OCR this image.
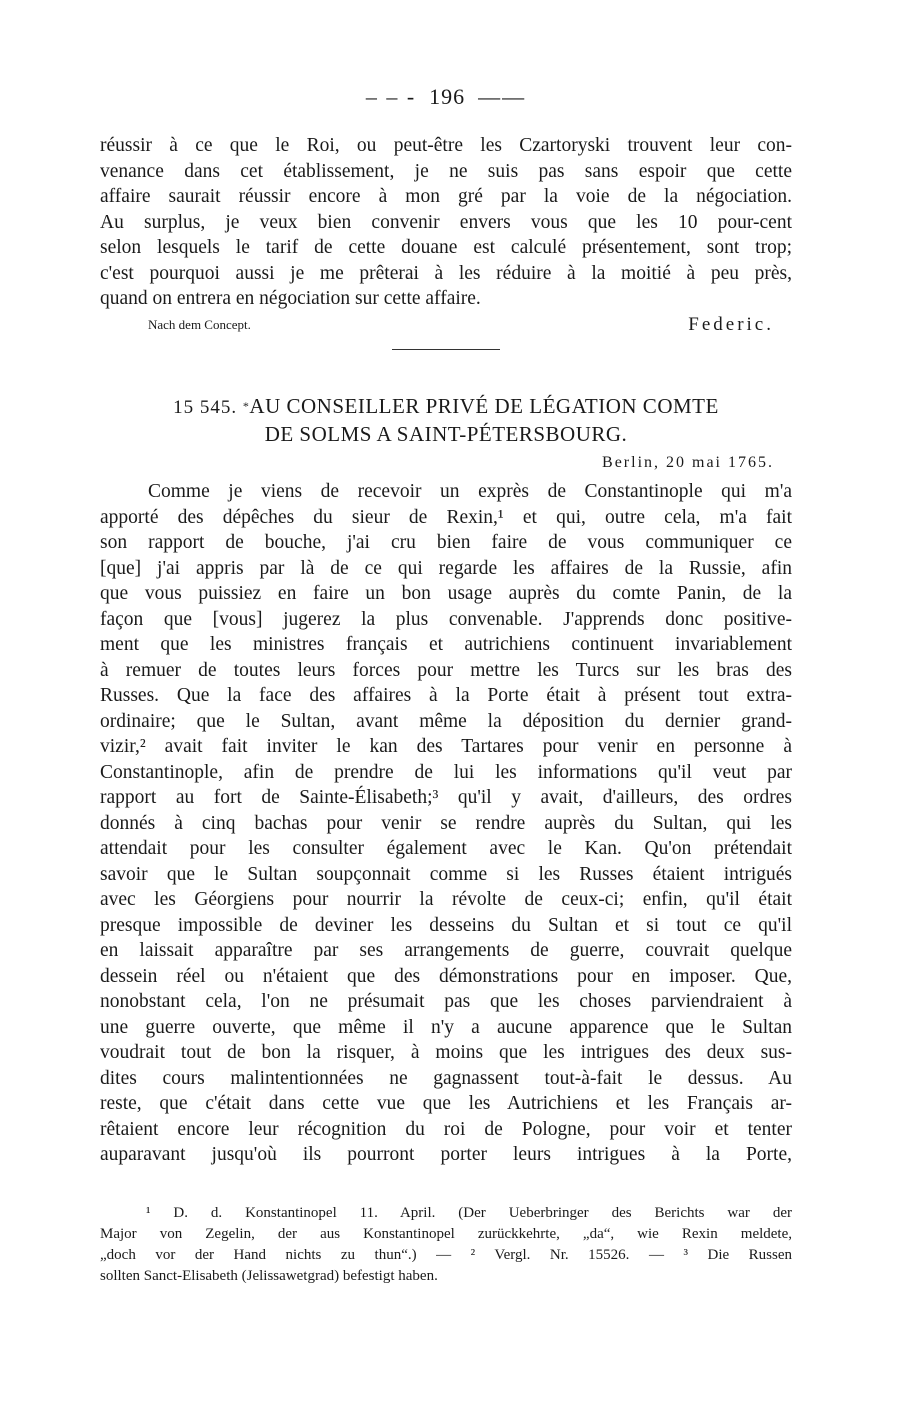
– – - 196 ——
réussir à ce que le Roi, ou peut-être les Czartoryski trouvent leur con-
venance dans cet établissement, je ne suis pas sans espoir que cette
affaire saurait réussir encore à mon gré par la voie de la négociation.
Au surplus, je veux bien convenir envers vous que les 10 pour-cent
selon lesquels le tarif de cette douane est calculé présentement, sont trop;
c'est pourquoi aussi je me prêterai à les réduire à la moitié à peu près,
quand on entrera en négociation sur cette affaire.
Nach dem Concept.	Federic.
15 545. *AU CONSEILLER PRIVÉ DE LÉGATION COMTE
DE SOLMS A SAINT-PÉTERSBOURG.
Berlin, 20 mai 1765.
Comme je viens de recevoir un exprès de Constantinople qui m'a
apporté des dépêches du sieur de Rexin,¹ et qui, outre cela, m'a fait
son rapport de bouche, j'ai cru bien faire de vous communiquer ce
[que] j'ai appris par là de ce qui regarde les affaires de la Russie, afin
que vous puissiez en faire un bon usage auprès du comte Panin, de la
façon que [vous] jugerez la plus convenable. J'apprends donc positive-
ment que les ministres français et autrichiens continuent invariablement
à remuer de toutes leurs forces pour mettre les Turcs sur les bras des
Russes. Que la face des affaires à la Porte était à présent tout extra-
ordinaire; que le Sultan, avant même la déposition du dernier grand-
vizir,² avait fait inviter le kan des Tartares pour venir en personne à
Constantinople, afin de prendre de lui les informations qu'il veut par
rapport au fort de Sainte-Élisabeth;³ qu'il y avait, d'ailleurs, des ordres
donnés à cinq bachas pour venir se rendre auprès du Sultan, qui les
attendait pour les consulter également avec le Kan. Qu'on prétendait
savoir que le Sultan soupçonnait comme si les Russes étaient intrigués
avec les Géorgiens pour nourrir la révolte de ceux-ci; enfin, qu'il était
presque impossible de deviner les desseins du Sultan et si tout ce qu'il
en laissait apparaître par ses arrangements de guerre, couvrait quelque
dessein réel ou n'étaient que des démonstrations pour en imposer. Que,
nonobstant cela, l'on ne présumait pas que les choses parviendraient à
une guerre ouverte, que même il n'y a aucune apparence que le Sultan
voudrait tout de bon la risquer, à moins que les intrigues des deux sus-
dites cours malintentionnées ne gagnassent tout-à-fait le dessus. Au
reste, que c'était dans cette vue que les Autrichiens et les Français ar-
rêtaient encore leur récognition du roi de Pologne, pour voir et tenter
auparavant jusqu'où ils pourront porter leurs intrigues à la Porte,
¹ D. d. Konstantinopel 11. April. (Der Ueberbringer des Berichts war der
Major von Zegelin, der aus Konstantinopel zurückkehrte, „da“, wie Rexin meldete,
„doch vor der Hand nichts zu thun“.) — ² Vergl. Nr. 15526. — ³ Die Russen
sollten Sanct-Elisabeth (Jelissawetgrad) befestigt haben.
